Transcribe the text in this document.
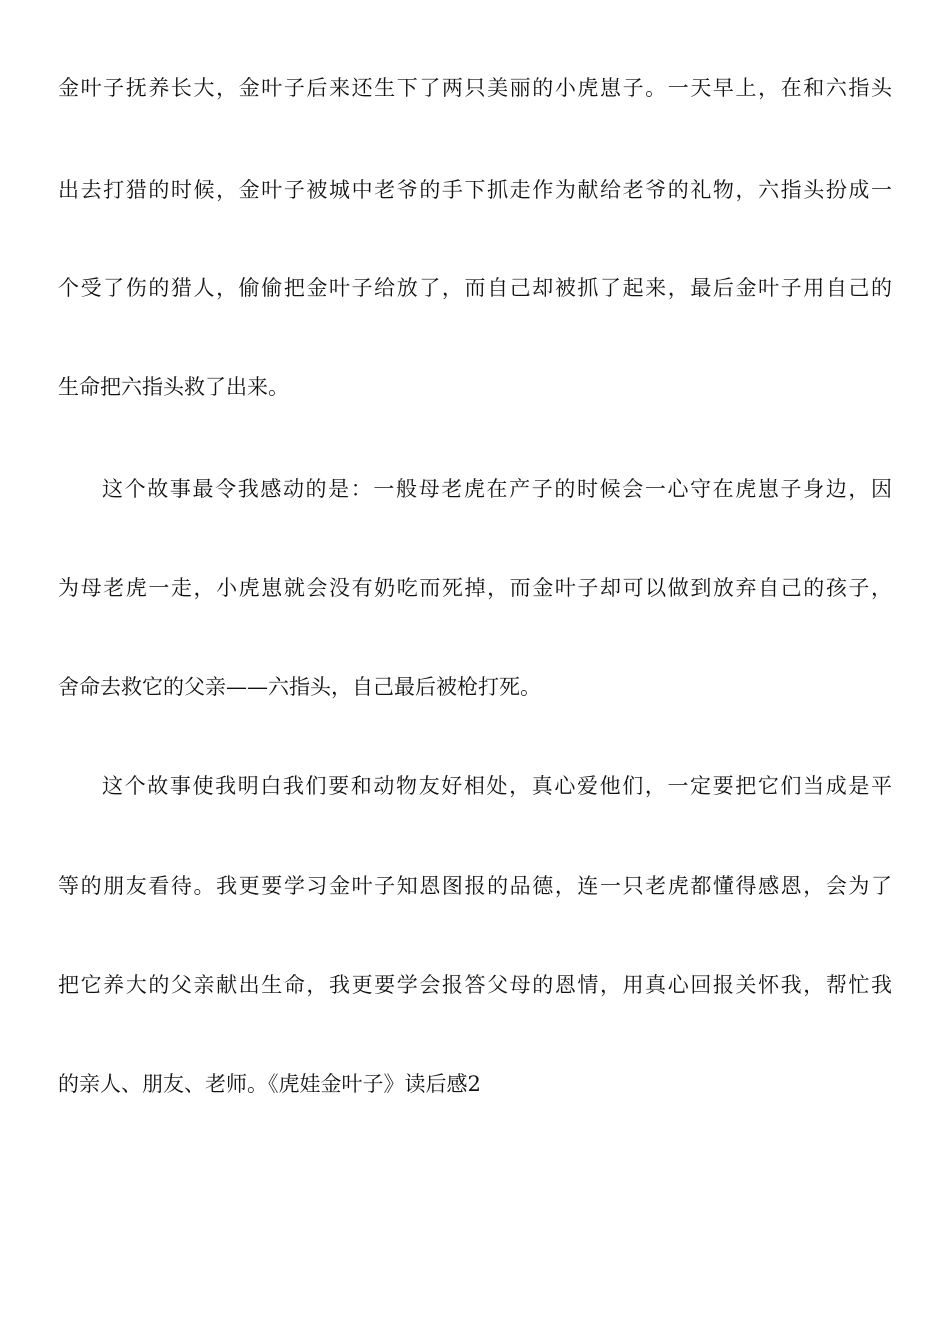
金叶子抚养长大，金叶子后来还生下了两只美丽的小虎崽子。一天早上，在和六指头
出去打猎的时候，金叶子被城中老爷的手下抓走作为献给老爷的礼物，六指头扮成一
个受了伤的猎人，偷偷把金叶子给放了，而自己却被抓了起来，最后金叶子用自己的
生命把六指头救了出来。
这个故事最令我感动的是：一般母老虎在产子的时候会一心守在虎崽子身边，因
为母老虎一走，小虎崽就会没有奶吃而死掉，而金叶子却可以做到放弃自己的孩子，
舍命去救它的父亲——六指头，自己最后被枪打死。
这个故事使我明白我们要和动物友好相处，真心爱他们，一定要把它们当成是平
等的朋友看待。我更要学习金叶子知恩图报的品德，连一只老虎都懂得感恩，会为了
把它养大的父亲献出生命，我更要学会报答父母的恩情，用真心回报关怀我，帮忙我
的亲人、朋友、老师。《虎娃金叶子》读后感2
